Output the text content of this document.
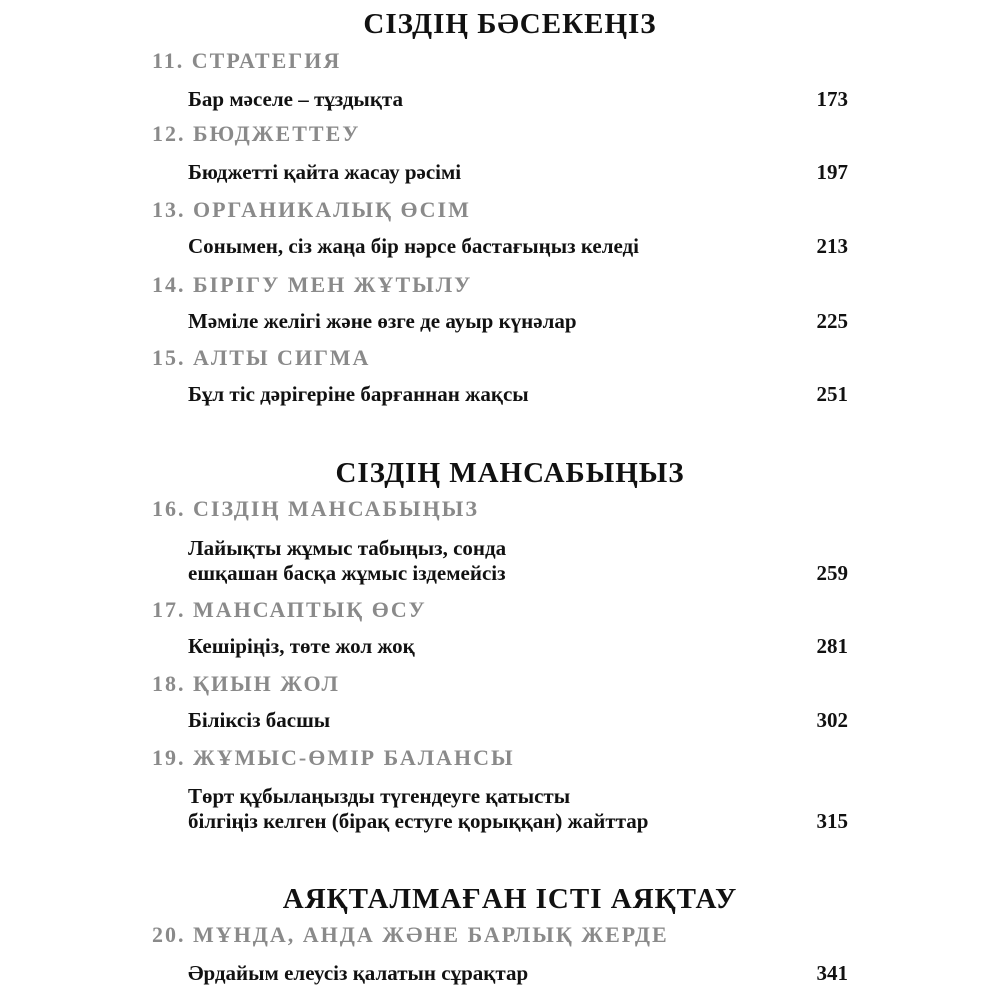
СІЗДІҢ БӘСЕКЕҢІЗ
11. СТРАТЕГИЯ
Бар мәселе – тұздықта	173
12. БЮДЖЕТТЕУ
Бюджетті қайта жасау рәсімі	197
13. ОРГАНИКАЛЫҚ ӨСІМ
Сонымен, сіз жаңа бір нәрсе бастағыңыз келеді	213
14. БІРІГУ МЕН ЖҰТЫЛУ
Мәміле желігі және өзге де ауыр күнәлар	225
15. АЛТЫ СИГМА
Бұл тіс дәрігеріне барғаннан жақсы	251
СІЗДІҢ МАНСАБЫҢЫЗ
16. СІЗДІҢ МАНСАБЫҢЫЗ
Лайықты жұмыс табыңыз, сонда
ешқашан басқа жұмыс іздемейсіз	259
17. МАНСАПТЫҚ ӨСУ
Кешіріңіз, төте жол жоқ	281
18. ҚИЫН ЖОЛ
Біліксіз басшы	302
19. ЖҰМЫС-ӨМІР БАЛАНСЫ
Төрт құбылаңызды түгендеуге қатысты
білгіңіз келген (бірақ естуге қорыққан) жайттар	315
АЯҚТАЛМАҒАН ІСТІ АЯҚТАУ
20. МҰНДА, АНДА ЖӘНЕ БАРЛЫҚ ЖЕРДЕ
Әрдайым елеусіз қалатын сұрақтар	341
